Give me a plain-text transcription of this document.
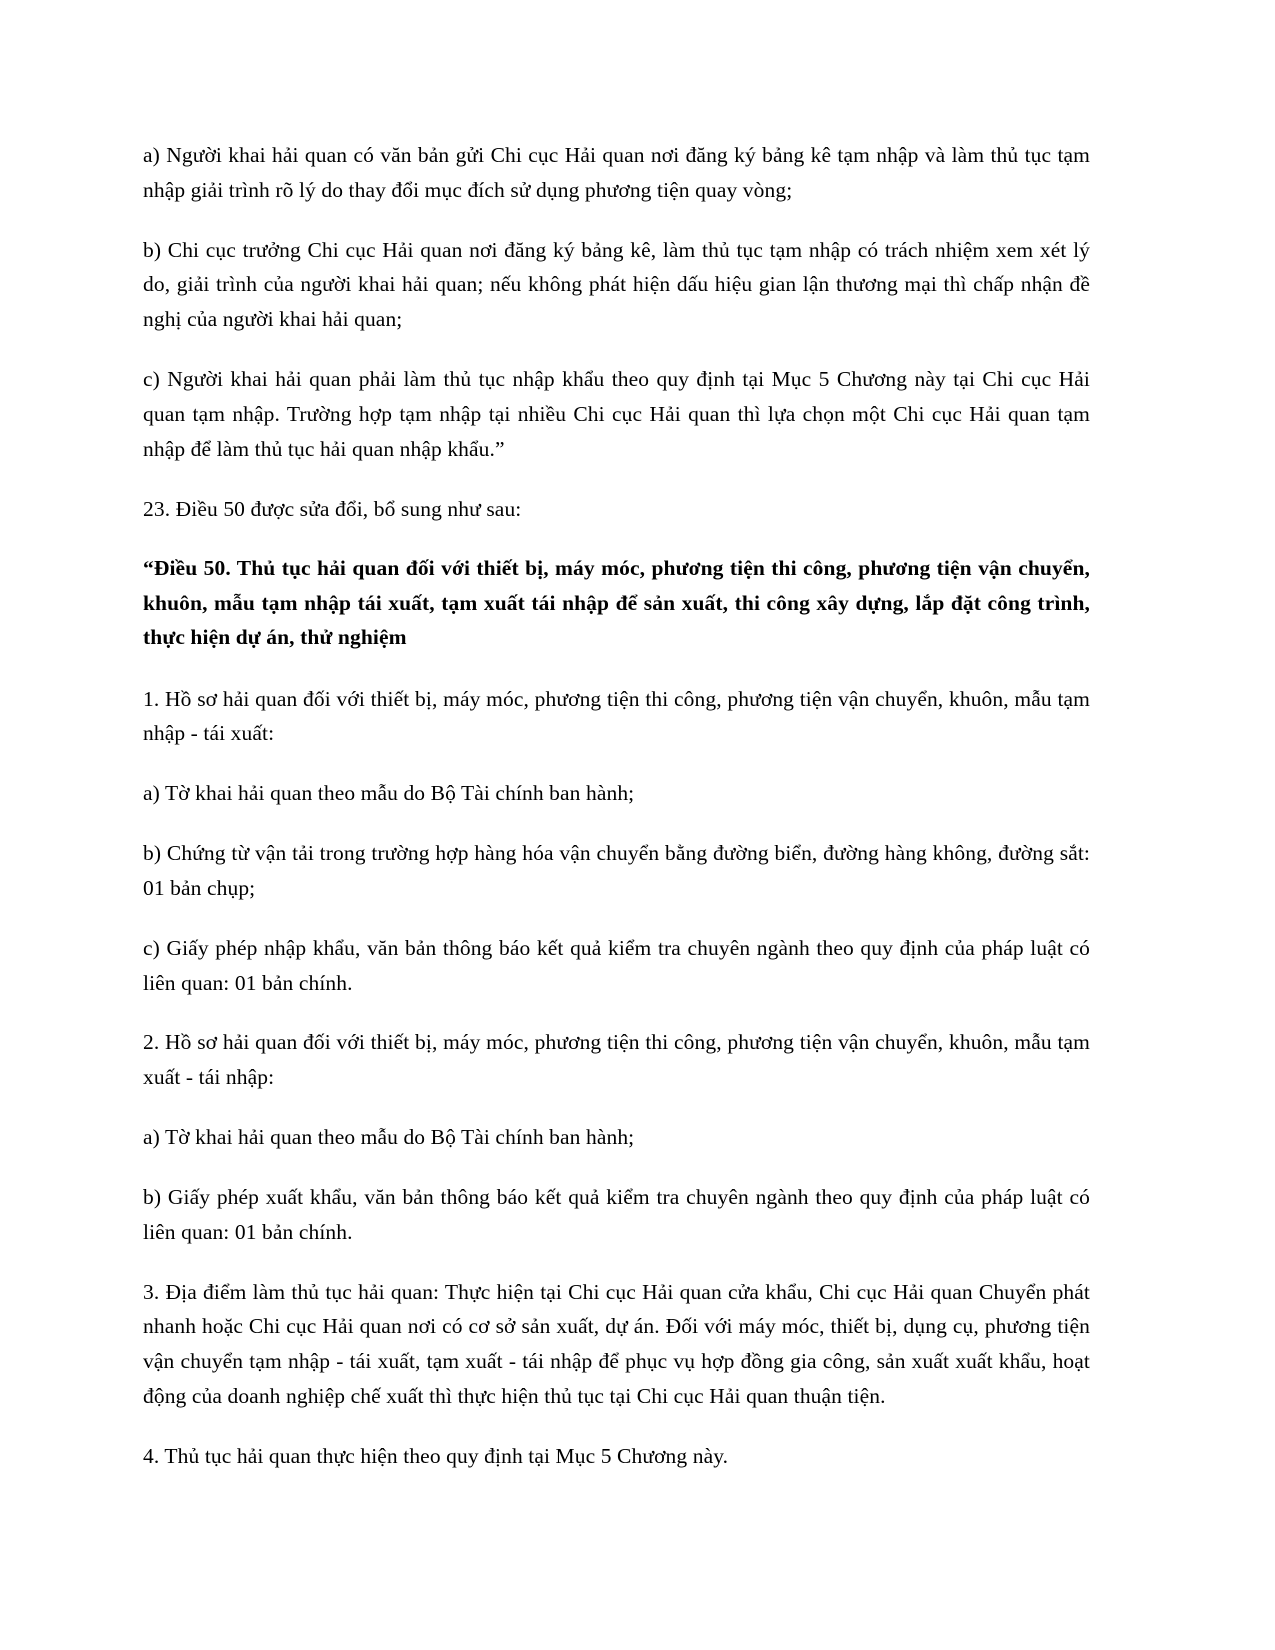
a) Người khai hải quan có văn bản gửi Chi cục Hải quan nơi đăng ký bảng kê tạm nhập và làm thủ tục tạm nhập giải trình rõ lý do thay đổi mục đích sử dụng phương tiện quay vòng;

b) Chi cục trưởng Chi cục Hải quan nơi đăng ký bảng kê, làm thủ tục tạm nhập có trách nhiệm xem xét lý do, giải trình của người khai hải quan; nếu không phát hiện dấu hiệu gian lận thương mại thì chấp nhận đề nghị của người khai hải quan;

c) Người khai hải quan phải làm thủ tục nhập khẩu theo quy định tại Mục 5 Chương này tại Chi cục Hải quan tạm nhập. Trường hợp tạm nhập tại nhiều Chi cục Hải quan thì lựa chọn một Chi cục Hải quan tạm nhập để làm thủ tục hải quan nhập khẩu.”

23. Điều 50 được sửa đổi, bổ sung như sau:

“Điều 50. Thủ tục hải quan đối với thiết bị, máy móc, phương tiện thi công, phương tiện vận chuyển, khuôn, mẫu tạm nhập tái xuất, tạm xuất tái nhập để sản xuất, thi công xây dựng, lắp đặt công trình, thực hiện dự án, thử nghiệm

1. Hồ sơ hải quan đối với thiết bị, máy móc, phương tiện thi công, phương tiện vận chuyển, khuôn, mẫu tạm nhập - tái xuất:

a) Tờ khai hải quan theo mẫu do Bộ Tài chính ban hành;

b) Chứng từ vận tải trong trường hợp hàng hóa vận chuyển bằng đường biển, đường hàng không, đường sắt: 01 bản chụp;

c) Giấy phép nhập khẩu, văn bản thông báo kết quả kiểm tra chuyên ngành theo quy định của pháp luật có liên quan: 01 bản chính.

2. Hồ sơ hải quan đối với thiết bị, máy móc, phương tiện thi công, phương tiện vận chuyển, khuôn, mẫu tạm xuất - tái nhập:

a) Tờ khai hải quan theo mẫu do Bộ Tài chính ban hành;

b) Giấy phép xuất khẩu, văn bản thông báo kết quả kiểm tra chuyên ngành theo quy định của pháp luật có liên quan: 01 bản chính.

3. Địa điểm làm thủ tục hải quan: Thực hiện tại Chi cục Hải quan cửa khẩu, Chi cục Hải quan Chuyển phát nhanh hoặc Chi cục Hải quan nơi có cơ sở sản xuất, dự án. Đối với máy móc, thiết bị, dụng cụ, phương tiện vận chuyển tạm nhập - tái xuất, tạm xuất - tái nhập để phục vụ hợp đồng gia công, sản xuất xuất khẩu, hoạt động của doanh nghiệp chế xuất thì thực hiện thủ tục tại Chi cục Hải quan thuận tiện.

4. Thủ tục hải quan thực hiện theo quy định tại Mục 5 Chương này.
